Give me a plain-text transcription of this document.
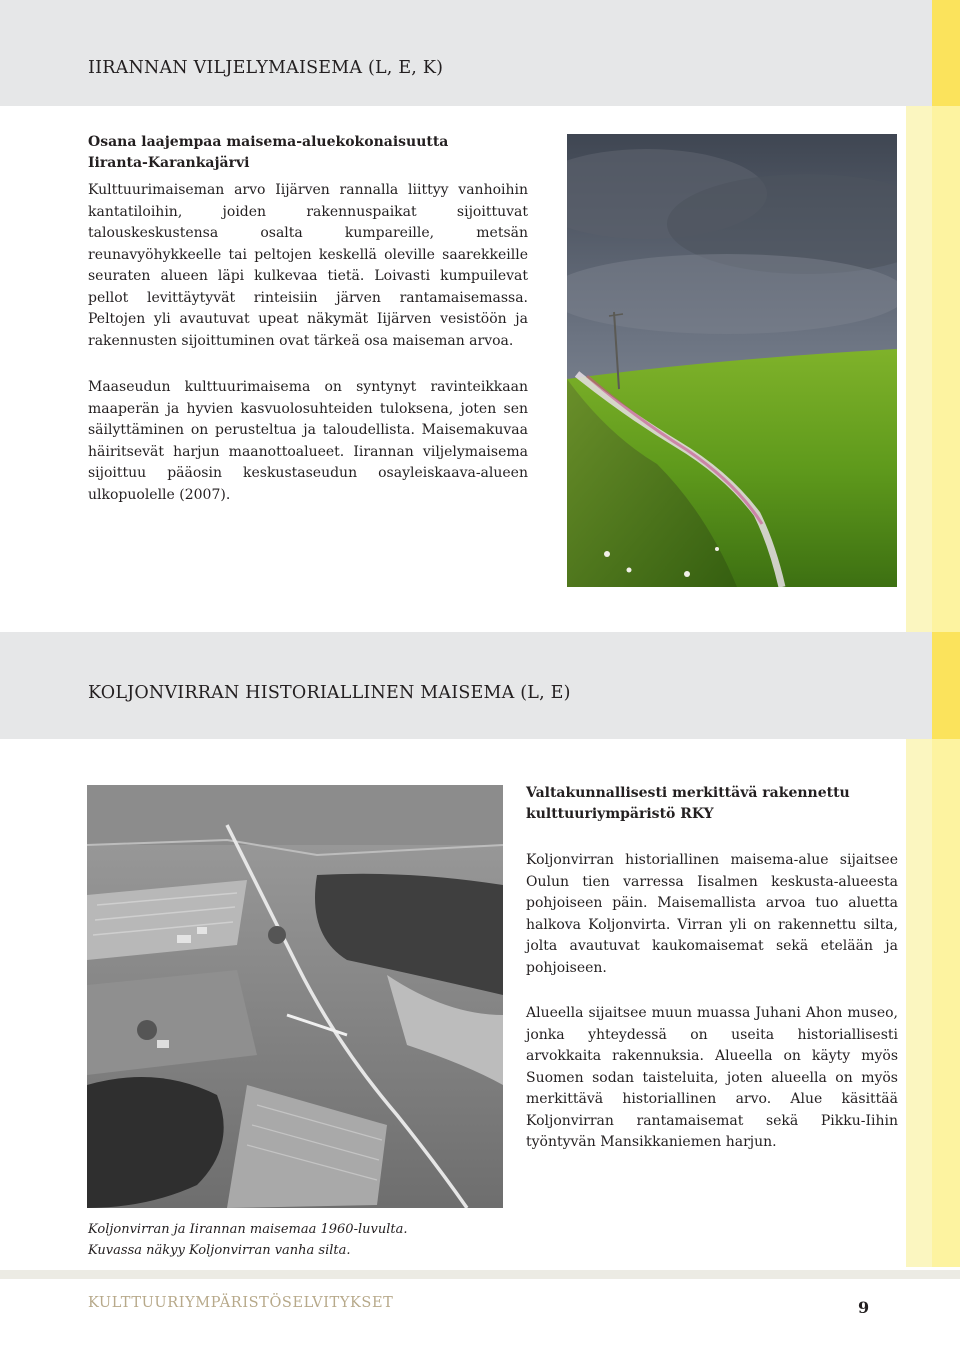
IIRANNAN VILJELYMAISEMA (L, E, K)

Osana laajempaa maisema-aluekokonaisuutta Iiranta-Karankajärvi

Kulttuurimaiseman arvo Iijärven rannalla liittyy vanhoihin kantatiloihin, joiden rakennuspaikat sijoittuvat talouskeskustensa osalta kumpareille, metsän reunavyöhykkeelle tai peltojen keskellä oleville saarekkeille seuraten alueen läpi kulkevaa tietä. Loivasti kumpuilevat pellot levittäytyvät rinteisiin järven rantamaisemassa. Peltojen yli avautuvat upeat näkymät Iijärven vesistöön ja rakennusten sijoittuminen ovat tärkeä osa maiseman arvoa.

Maaseudun kulttuurimaisema on syntynyt ravinteikkaan maaperän ja hyvien kasvuolosuhteiden tuloksena, joten sen säilyttäminen on perusteltua ja taloudellista. Maisemakuvaa häiritsevät harjun maanottoalueet. Iirannan viljelymaisema sijoittuu pääosin keskustaseudun osayleiskaava-alueen ulkopuolelle (2007).

KOLJONVIRRAN HISTORIALLINEN MAISEMA (L, E)

Valtakunnallisesti merkittävä rakennettu kulttuuriympäristö RKY

Koljonvirran historiallinen maisema-alue sijaitsee Oulun tien varressa Iisalmen keskusta-alueesta pohjoiseen päin. Maisemallista arvoa tuo aluetta halkova Koljonvirta. Virran yli on rakennettu silta, jolta avautuvat kaukomaisemat sekä etelään ja pohjoiseen.

Alueella sijaitsee muun muassa Juhani Ahon museo, jonka yhteydessä on useita historiallisesti arvokkaita rakennuksia. Alueella on käyty myös Suomen sodan taisteluita, joten alueella on myös merkittävä historiallinen arvo. Alue käsittää Koljonvirran rantamaisemat sekä Pikku-Iihin työntyvän Mansikkaniemen harjun.

Koljonvirran ja Iirannan maisemaa 1960-luvulta.
Kuvassa näkyy Koljonvirran vanha silta.

KULTTUURIYMPÄRISTÖSELVITYKSET	9
